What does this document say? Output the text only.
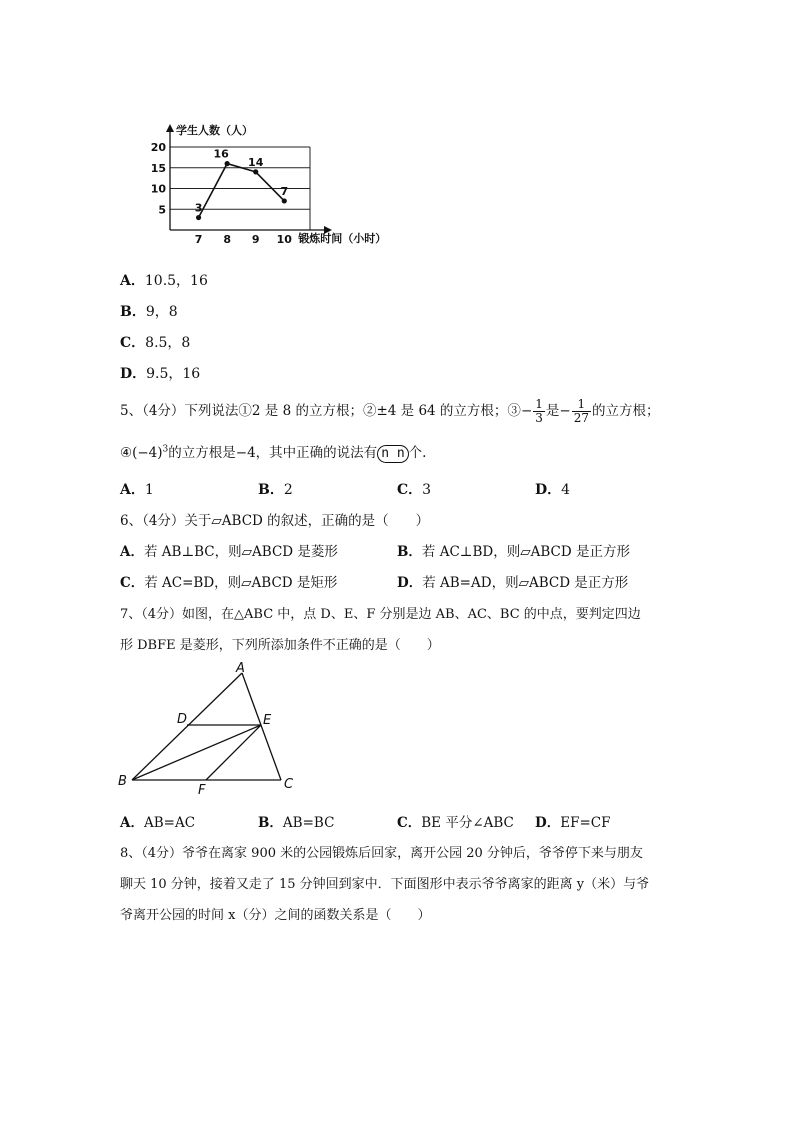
5
10
15
20
学生人数（人）
锻炼时间（小时）
7 8 9 10
3
16
14
7
A．10.5，16
B．9，8
C．8.5，8
D．9.5，16
5、（4分）下列说法①2 是 8 的立方根；②±4 是 64 的立方根；③− $\frac{1}{3}$ 是− $\frac{1}{27}$ 的立方根；
$④(-4)^3$的立方根是−4，其中正确的说法有 n n 个.
A．1	B．2	C．3	D．4
6、（4分）关于▱ABCD 的叙述，正确的是（　　）
A．若 AB⊥BC，则▱ABCD 是菱形	B．若 AC⊥BD，则▱ABCD 是正方形
C．若 AC=BD，则▱ABCD 是矩形	D．若 AB=AD，则▱ABCD 是正方形
7、（4分）如图，在△ABC 中，点 D、E、F 分别是边 AB、AC、BC 的中点，要判定四边
形 DBFE 是菱形，下列所添加条件不正确的是（　　）
A
D	E
B	C
F
A．AB=AC	B．AB=BC	C．BE 平分∠ABC D．EF=CF
8、（4分）爷爷在离家 900 米的公园锻炼后回家，离开公园 20 分钟后，爷爷停下来与朋友
聊天 10 分钟，接着又走了 15 分钟回到家中．下面图形中表示爷爷离家的距离 y（米）与爷
爷离开公园的时间 x（分）之间的函数关系是（　　）
